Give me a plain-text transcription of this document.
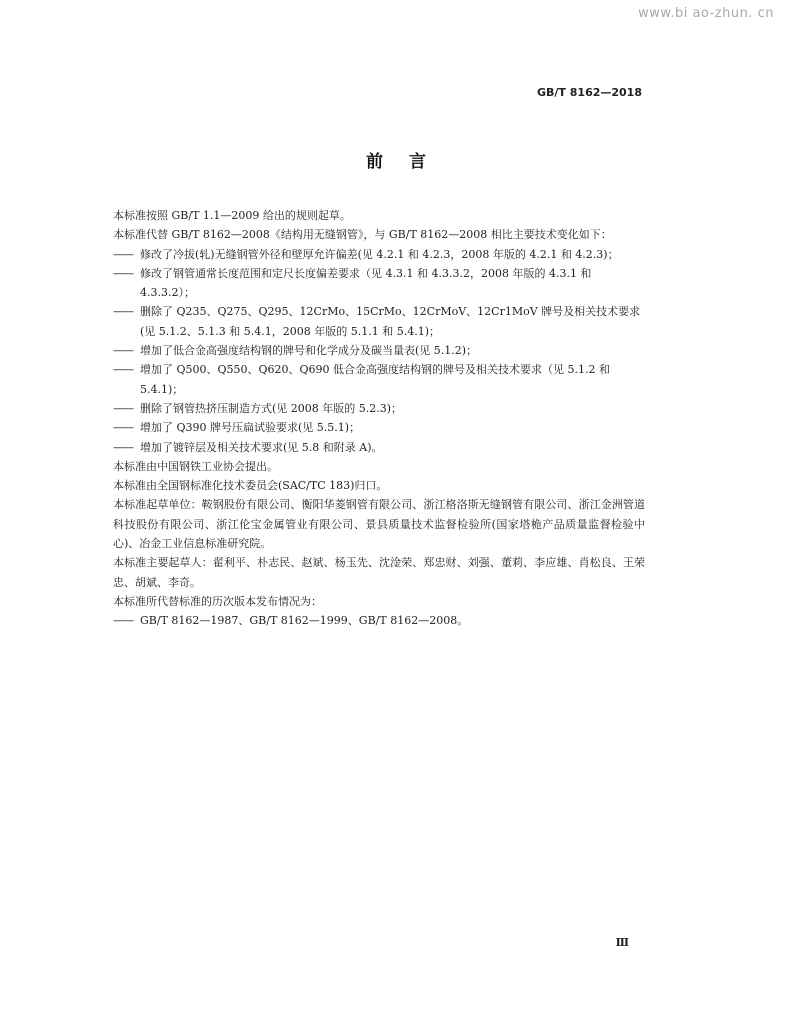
www.bi ao-zhun. cn
GB/T 8162—2018
前言

本标准按照 GB/T 1.1—2009 给出的规则起草。

本标准代替 GB/T 8162—2008《结构用无缝钢管》，与 GB/T 8162—2008 相比主要技术变化如下：

—— 修改了冷拔(轧)无缝钢管外径和壁厚允许偏差(见 4.2.1 和 4.2.3，2008 年版的 4.2.1 和 4.2.3)；

—— 修改了钢管通常长度范围和定尺长度偏差要求（见 4.3.1 和 4.3.3.2，2008 年版的 4.3.1 和 4.3.3.2）；

—— 删除了 Q235、Q275、Q295、12CrMo、15CrMo、12CrMoV、12Cr1MoV 牌号及相关技术要求(见 5.1.2、5.1.3 和 5.4.1，2008 年版的 5.1.1 和 5.4.1)；

—— 增加了低合金高强度结构钢的牌号和化学成分及碳当量表(见 5.1.2)；

—— 增加了 Q500、Q550、Q620、Q690 低合金高强度结构钢的牌号及相关技术要求（见 5.1.2 和 5.4.1)；

—— 删除了钢管热挤压制造方式(见 2008 年版的 5.2.3)；

—— 增加了 Q390 牌号压扁试验要求(见 5.5.1)；

—— 增加了镀锌层及相关技术要求(见 5.8 和附录 A)。

本标准由中国钢铁工业协会提出。

本标准由全国钢标准化技术委员会(SAC/TC 183)归口。

本标准起草单位：鞍钢股份有限公司、衡阳华菱钢管有限公司、浙江格洛斯无缝钢管有限公司、浙江金洲管道科技股份有限公司、浙江伦宝金属管业有限公司、景县质量技术监督检验所(国家塔桅产品质量监督检验中心)、冶金工业信息标准研究院。

本标准主要起草人：翟利平、朴志民、赵斌、杨玉先、沈淦荣、郑忠财、刘强、董莉、李应雄、肖松良、王荣忠、胡斌、李奇。

本标准所代替标准的历次版本发布情况为：

—— GB/T 8162—1987、GB/T 8162—1999、GB/T 8162—2008。

Ⅲ
